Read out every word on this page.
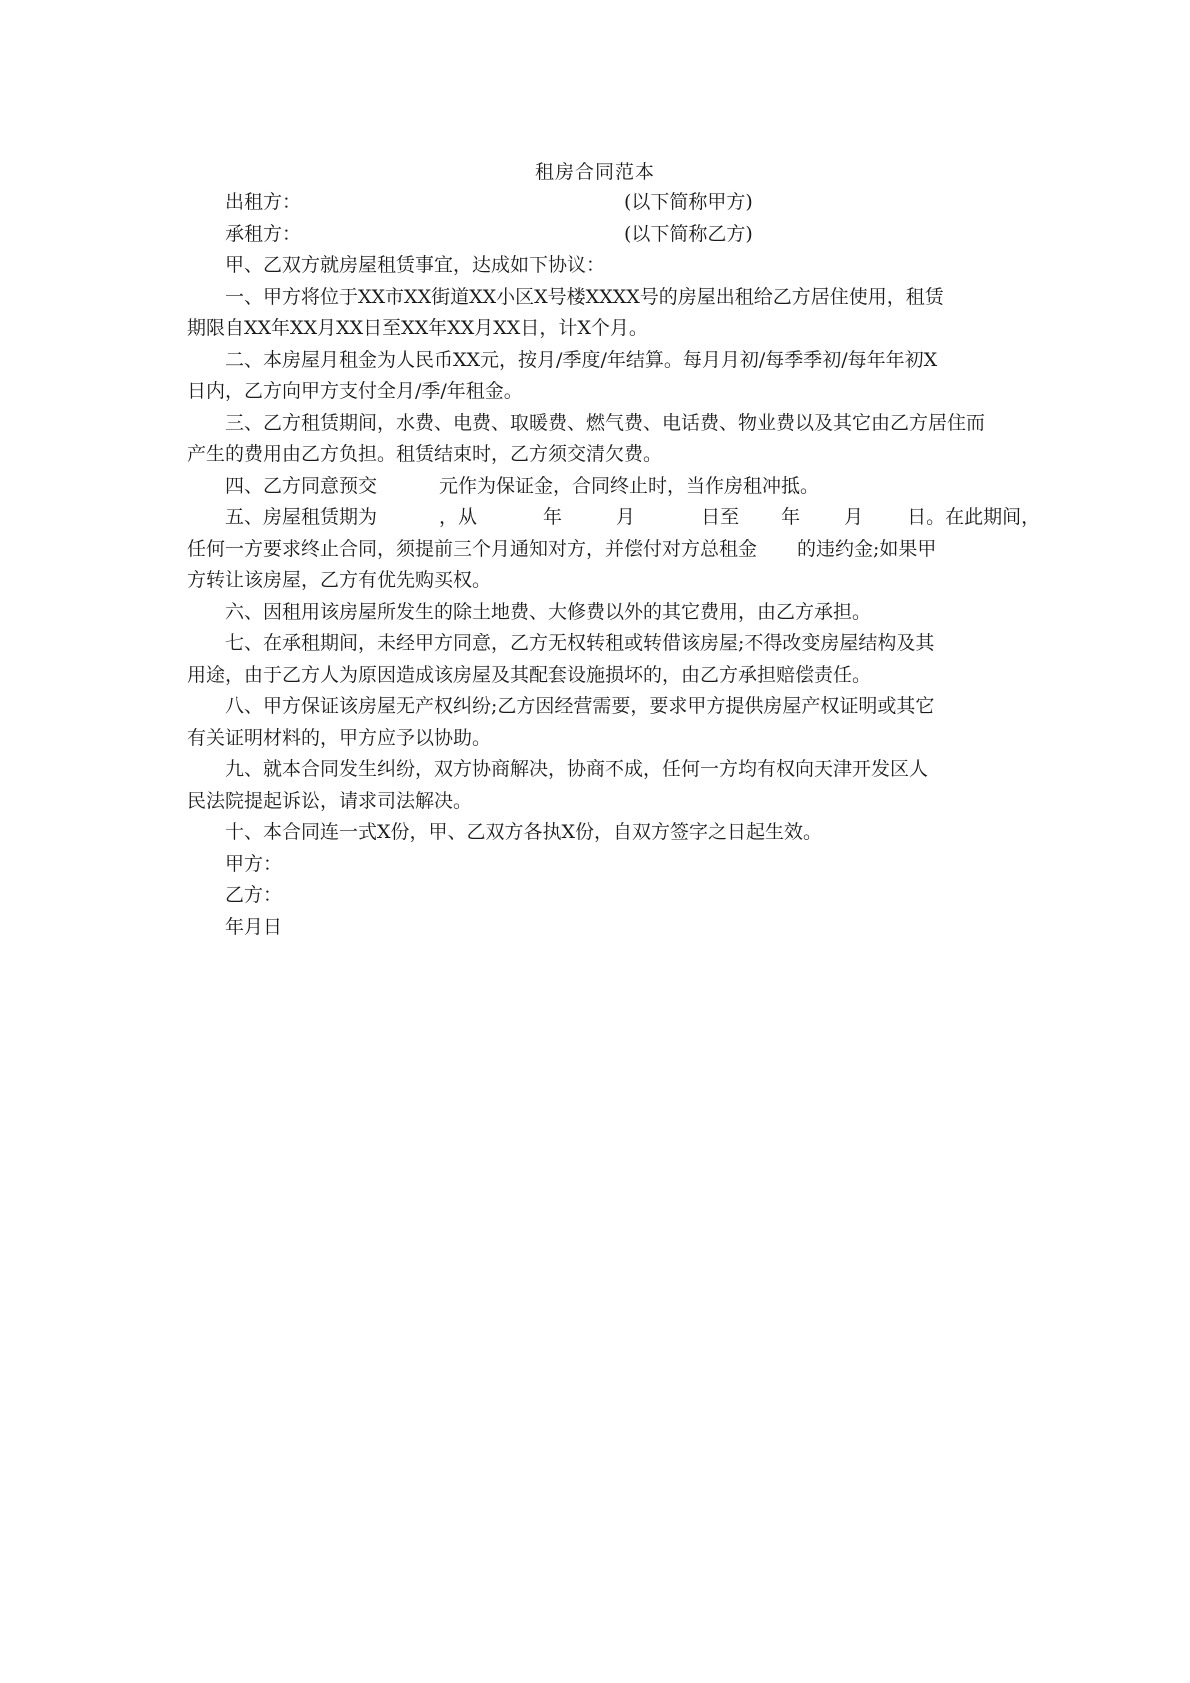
租房合同范本
出租方：	(以下简称甲方)
承租方：	(以下简称乙方)
甲、乙双方就房屋租赁事宜，达成如下协议：
一、甲方将位于XX市XX街道XX小区X号楼XXXX号的房屋出租给乙方居住使用，租赁
期限自XX年XX月XX日至XX年XX月XX日，计X个月。
二、本房屋月租金为人民币XX元，按月/季度/年结算。每月月初/每季季初/每年年初X
日内，乙方向甲方支付全月/季/年租金。
三、乙方租赁期间，水费、电费、取暖费、燃气费、电话费、物业费以及其它由乙方居住而
产生的费用由乙方负担。租赁结束时，乙方须交清欠费。
四、乙方同意预交	元作为保证金，合同终止时，当作房租冲抵。
五、房屋租赁期为	，从	年	月	日至 年 月 日。在此期间，
任何一方要求终止合同，须提前三个月通知对方，并偿付对方总租金 的违约金;如果甲
方转让该房屋，乙方有优先购买权。
六、因租用该房屋所发生的除土地费、大修费以外的其它费用，由乙方承担。
七、在承租期间，未经甲方同意，乙方无权转租或转借该房屋;不得改变房屋结构及其
用途，由于乙方人为原因造成该房屋及其配套设施损坏的，由乙方承担赔偿责任。
八、甲方保证该房屋无产权纠纷;乙方因经营需要，要求甲方提供房屋产权证明或其它
有关证明材料的，甲方应予以协助。
九、就本合同发生纠纷，双方协商解决，协商不成，任何一方均有权向天津开发区人
民法院提起诉讼，请求司法解决。
十、本合同连一式X份，甲、乙双方各执X份，自双方签字之日起生效。
甲方：
乙方：
年月日
